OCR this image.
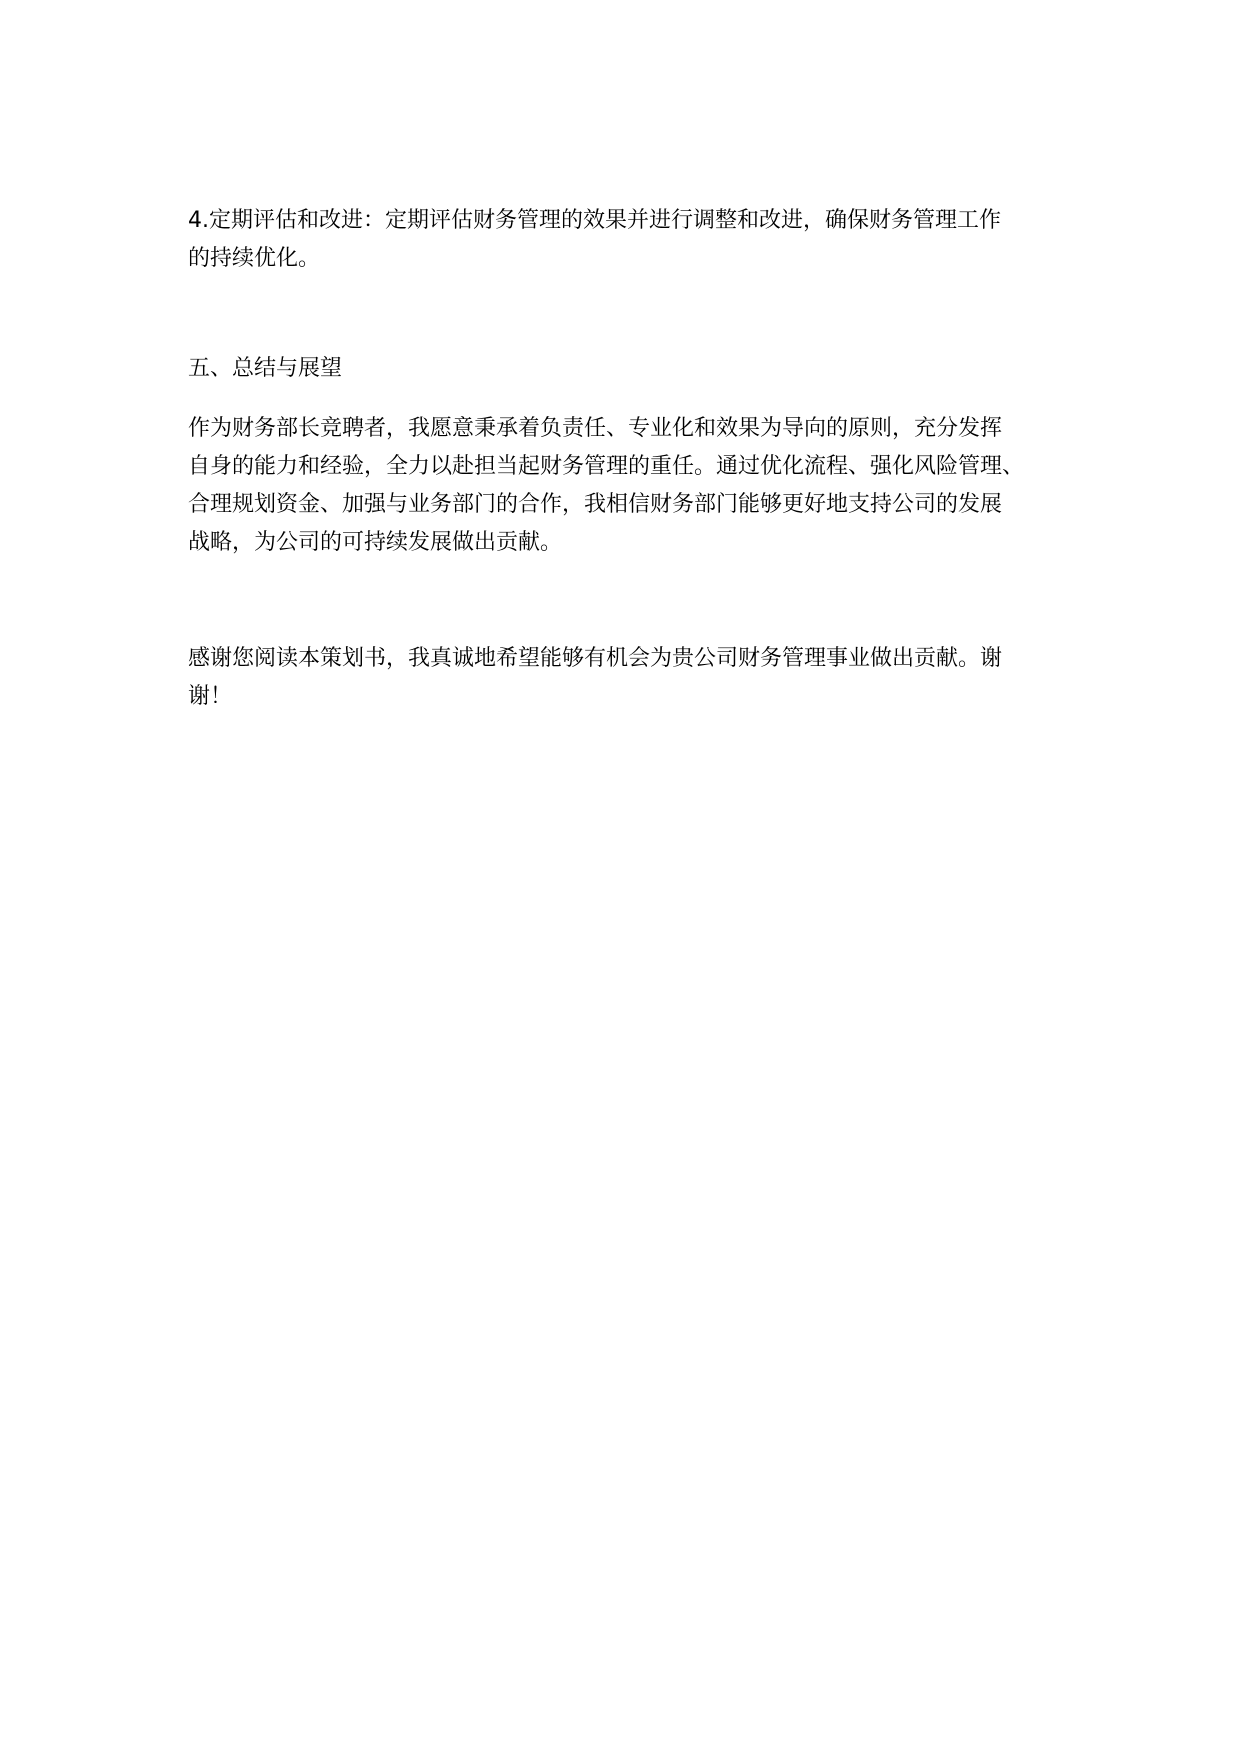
4.定期评估和改进：定期评估财务管理的效果并进行调整和改进，确保财务管理工作
的持续优化。
五、总结与展望
作为财务部长竞聘者，我愿意秉承着负责任、专业化和效果为导向的原则，充分发挥
自身的能力和经验，全力以赴担当起财务管理的重任。通过优化流程、强化风险管理、
合理规划资金、加强与业务部门的合作，我相信财务部门能够更好地支持公司的发展
战略，为公司的可持续发展做出贡献。
感谢您阅读本策划书，我真诚地希望能够有机会为贵公司财务管理事业做出贡献。谢
谢！
